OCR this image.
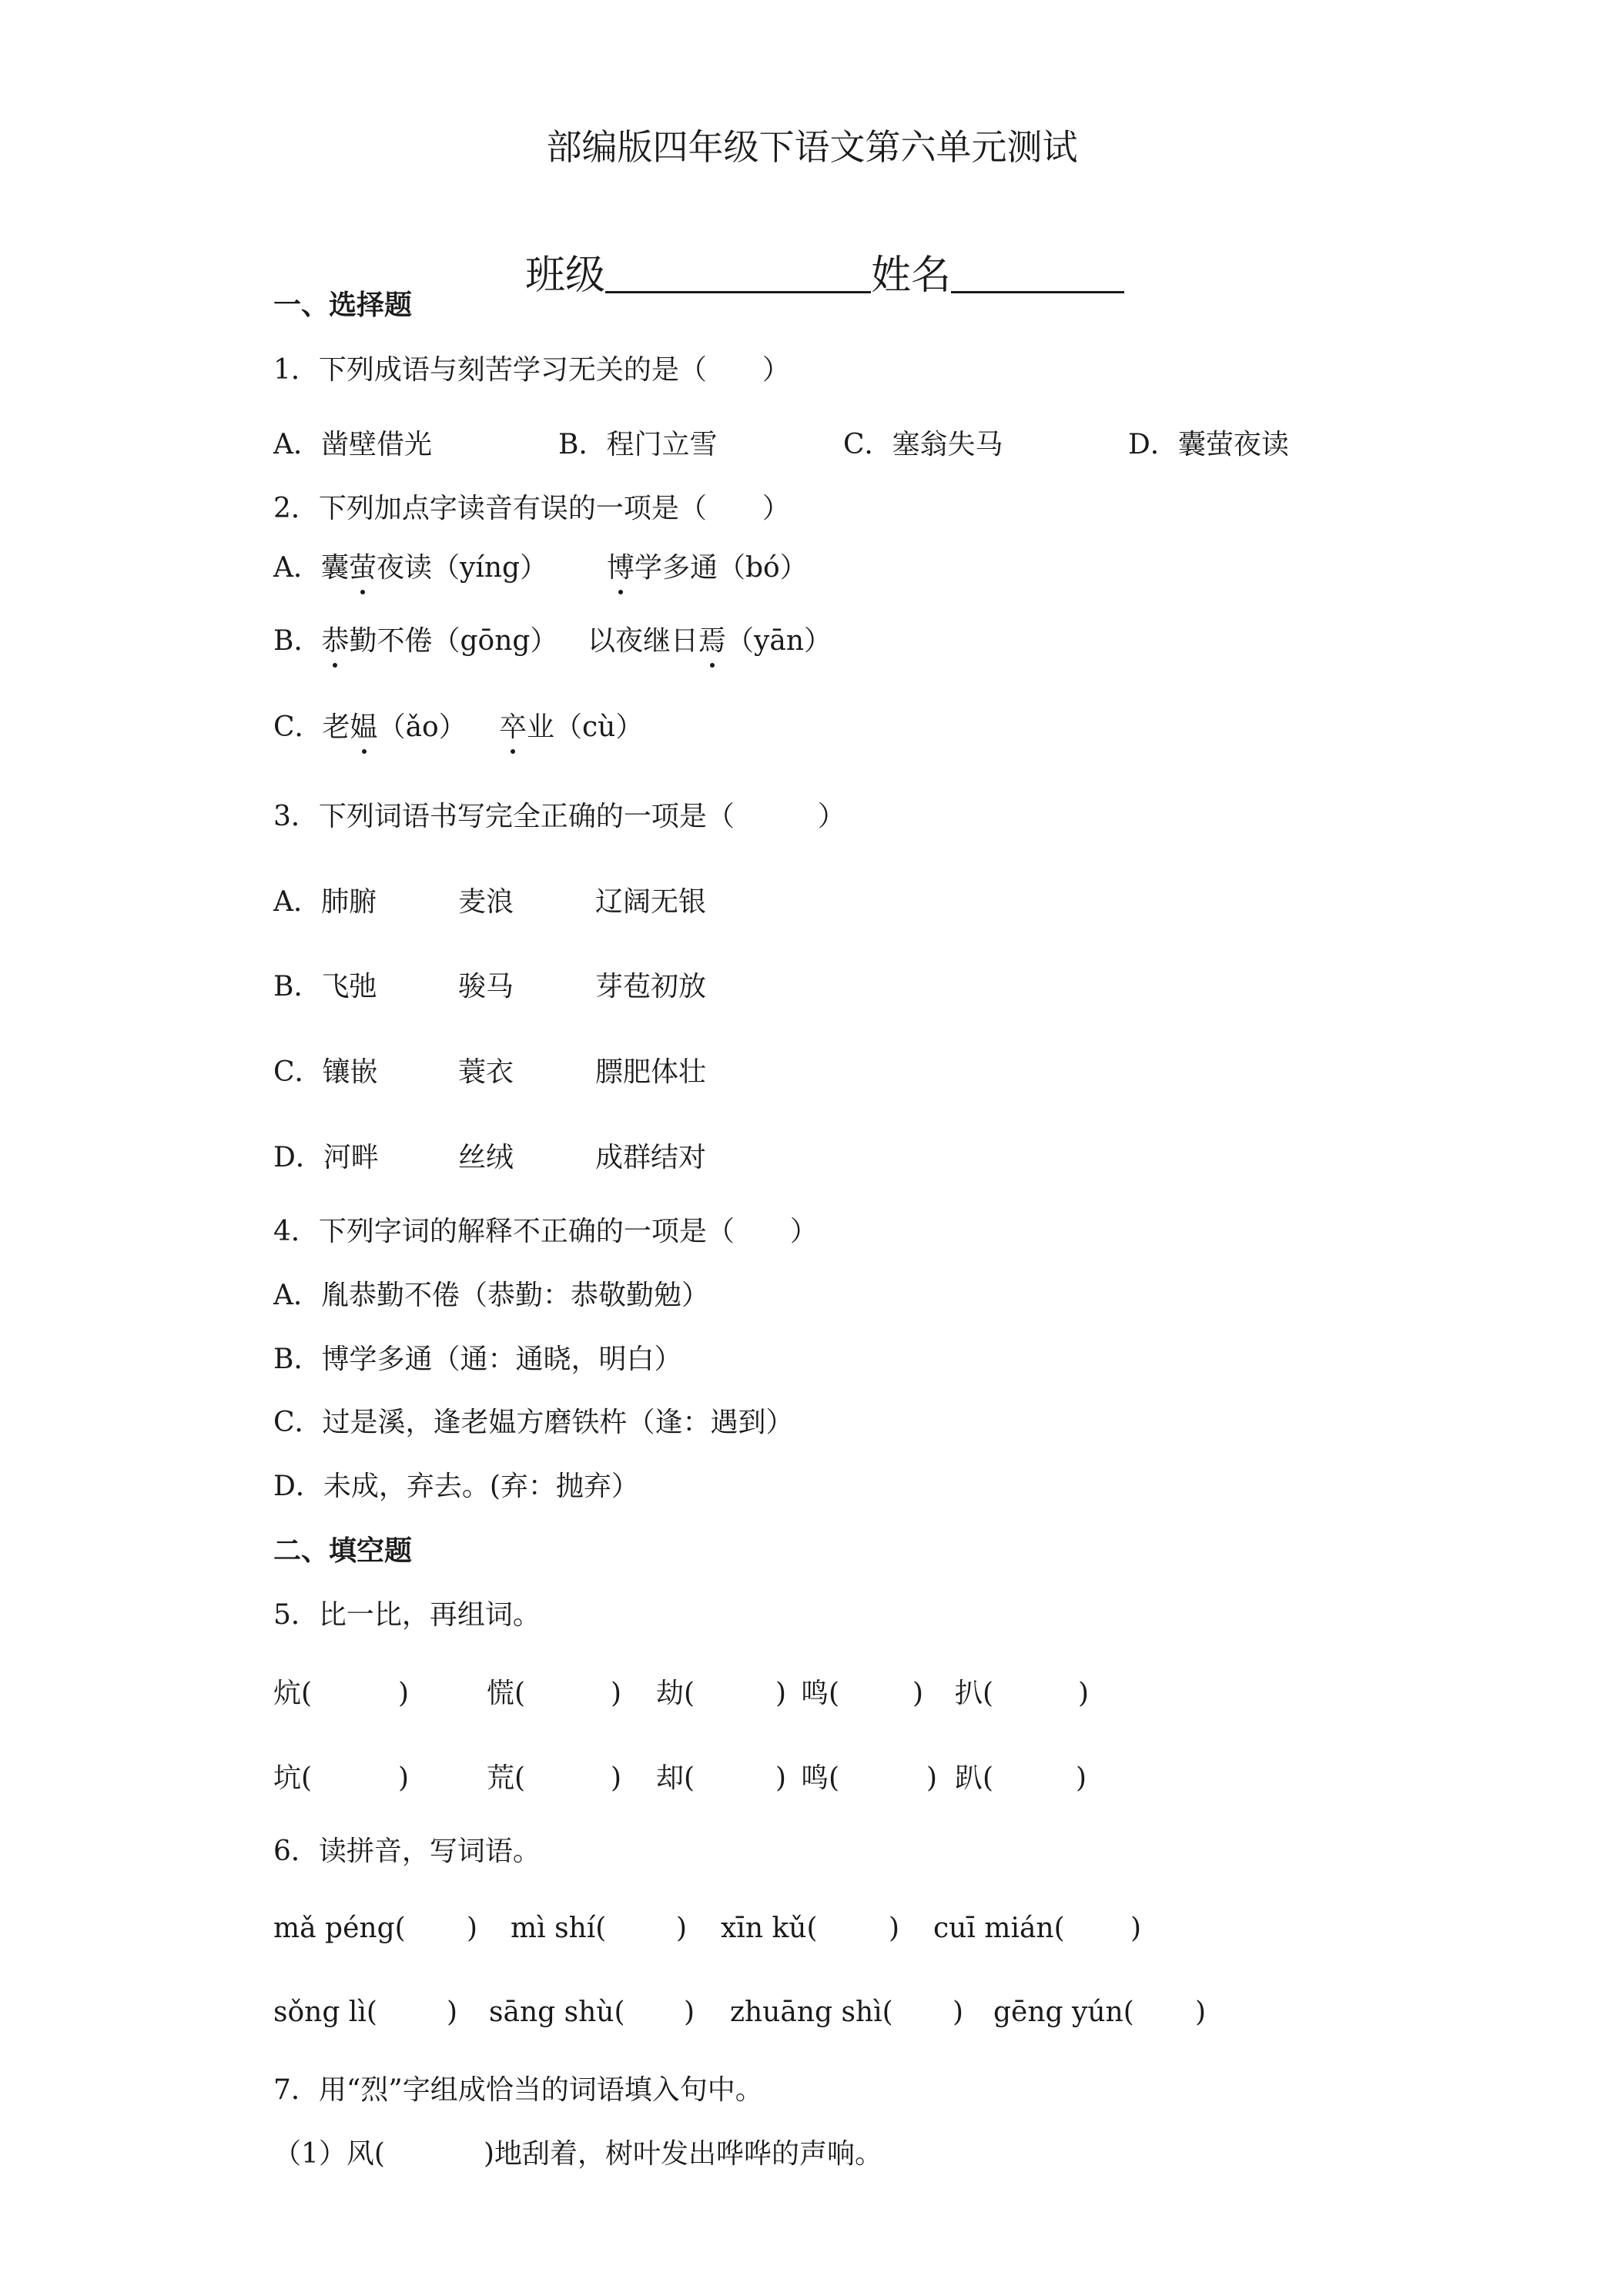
部编版四年级下语文第六单元测试

班级	姓名

一、选择题
1．下列成语与刻苦学习无关的是（　　）
A．凿壁借光	B．程门立雪	C．塞翁失马	D．囊萤夜读
2．下列加点字读音有误的一项是（　　）
A．囊萤夜读（yíng） 博学多通（bó）
B．恭勤不倦（gōng） 以夜继日焉（yān）
C．老媪（ǎo） 卒业（cù）
3．下列词语书写完全正确的一项是（　　　）
A．肺腑	麦浪	辽阔无银
B．飞弛	骏马	芽苞初放
C．镶嵌	蓑衣	膘肥体壮
D．河畔	丝绒	成群结对
4．下列字词的解释不正确的一项是（　　）
A．胤恭勤不倦（恭勤：恭敬勤勉）
B．博学多通（通：通晓，明白）
C．过是溪，逢老媪方磨铁杵（逢：遇到）
D．未成，弃去。(弃：抛弃）
二、填空题
5．比一比，再组词。
炕(	)	慌(	) 劫(	) 鸣(	) 扒(	)
坑(	)	荒(	) 却(	) 鸣(	) 趴(	)
6．读拼音，写词语。
mǎ péng( ) mì shí(	) xīn kǔ(	) cuī mián( )
sǒng lì(	) sāng shù( ) zhuāng shì( ) gēng yún( )
7．用“烈”字组成恰当的词语填入句中。
（1）风(	)地刮着，树叶发出哗哗的声响。
